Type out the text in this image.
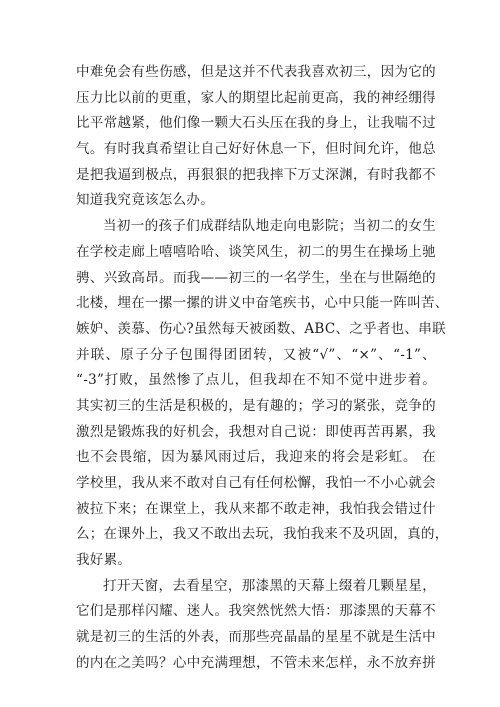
中难免会有些伤感，但是这并不代表我喜欢初三，因为它的
压力比以前的更重，家人的期望比起前更高，我的神经绷得
比平常越紧，他们像一颗大石头压在我的身上，让我喘不过
气。有时我真希望让自己好好休息一下，但时间允许，他总
是把我逼到极点，再狠狠的把我摔下万丈深渊，有时我都不
知道我究竟该怎么办。
当初一的孩子们成群结队地走向电影院；当初二的女生
在学校走廊上嘻嘻哈哈、谈笑风生，初二的男生在操场上驰
骋、兴致高昂。而我——初三的一名学生，坐在与世隔绝的
北楼，埋在一摞一摞的讲义中奋笔疾书，心中只能一阵叫苦、
嫉妒、羡慕、伤心?虽然每天被函数、ABC、之乎者也、串联
并联、原子分子包围得团团转，又被“√”、“×”、“-1”、
“-3”打败，虽然惨了点儿，但我却在不知不觉中进步着。
其实初三的生活是积极的，是有趣的；学习的紧张，竞争的
激烈是锻炼我的好机会，我想对自己说：即使再苦再累，我
也不会畏缩，因为暴风雨过后，我迎来的将会是彩虹。 在
学校里，我从来不敢对自己有任何松懈，我怕一不小心就会
被拉下来；在课堂上，我从来都不敢走神，我怕我会错过什
么；在课外上，我又不敢出去玩，我怕我来不及巩固，真的，
我好累。
打开天窗，去看星空，那漆黑的天幕上缀着几颗星星，
它们是那样闪耀、迷人。我突然恍然大悟：那漆黑的天幕不
就是初三的生活的外表，而那些亮晶晶的星星不就是生活中
的内在之美吗？心中充满理想，不管未来怎样，永不放弃拼
